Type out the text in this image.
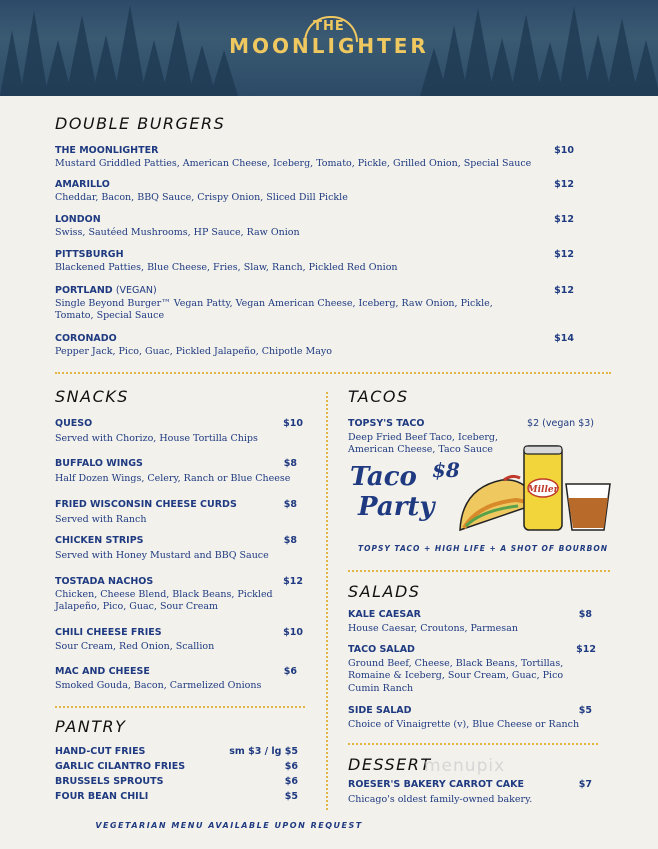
THE
MOONLIGHTER
DOUBLE BURGERS
THE MOONLIGHTER
Mustard Griddled Patties, American Cheese, Iceberg, Tomato, Pickle, Grilled Onion, Special Sauce
$10
AMARILLO
Cheddar, Bacon, BBQ Sauce, Crispy Onion, Sliced Dill Pickle
$12
LONDON
Swiss, Sautéed Mushrooms, HP Sauce, Raw Onion
$12
PITTSBURGH
Blackened Patties, Blue Cheese, Fries, Slaw, Ranch, Pickled Red Onion
$12
PORTLAND (VEGAN)
Single Beyond Burger™ Vegan Patty, Vegan American Cheese, Iceberg, Raw Onion, Pickle,
Tomato, Special Sauce
$12
CORONADO
Pepper Jack, Pico, Guac, Pickled Jalapeño, Chipotle Mayo
$14
SNACKS
QUESO
Served with Chorizo, House Tortilla Chips
$10
BUFFALO WINGS
Half Dozen Wings, Celery, Ranch or Blue Cheese
$8
FRIED WISCONSIN CHEESE CURDS
Served with Ranch
$8
CHICKEN STRIPS
Served with Honey Mustard and BBQ Sauce
$8
TOSTADA NACHOS
Chicken, Cheese Blend, Black Beans, Pickled
Jalapeño, Pico, Guac, Sour Cream
$12
CHILI CHEESE FRIES
Sour Cream, Red Onion, Scallion
$10
MAC AND CHEESE
Smoked Gouda, Bacon, Carmelized Onions
$6
PANTRY
HAND-CUT FRIES	sm $3 / lg $5
GARLIC CILANTRO FRIES	$6
BRUSSELS SPROUTS	$6
FOUR BEAN CHILI	$5
TACOS
TOPSY'S TACO
Deep Fried Beef Taco, Iceberg,
American Cheese, Taco Sauce
$2 (vegan $3)
Taco $8
Party
Miller
TOPSY TACO + HIGH LIFE + A SHOT OF BOURBON
SALADS
KALE CAESAR
House Caesar, Croutons, Parmesan
$8
TACO SALAD
Ground Beef, Cheese, Black Beans, Tortillas,
Romaine & Iceberg, Sour Cream, Guac, Pico
Cumin Ranch
$12
SIDE SALAD
Choice of Vinaigrette (v), Blue Cheese or Ranch
$5
DESSERT
menupix
ROESER'S BAKERY CARROT CAKE
Chicago's oldest family-owned bakery.
$7
VEGETARIAN MENU AVAILABLE UPON REQUEST
